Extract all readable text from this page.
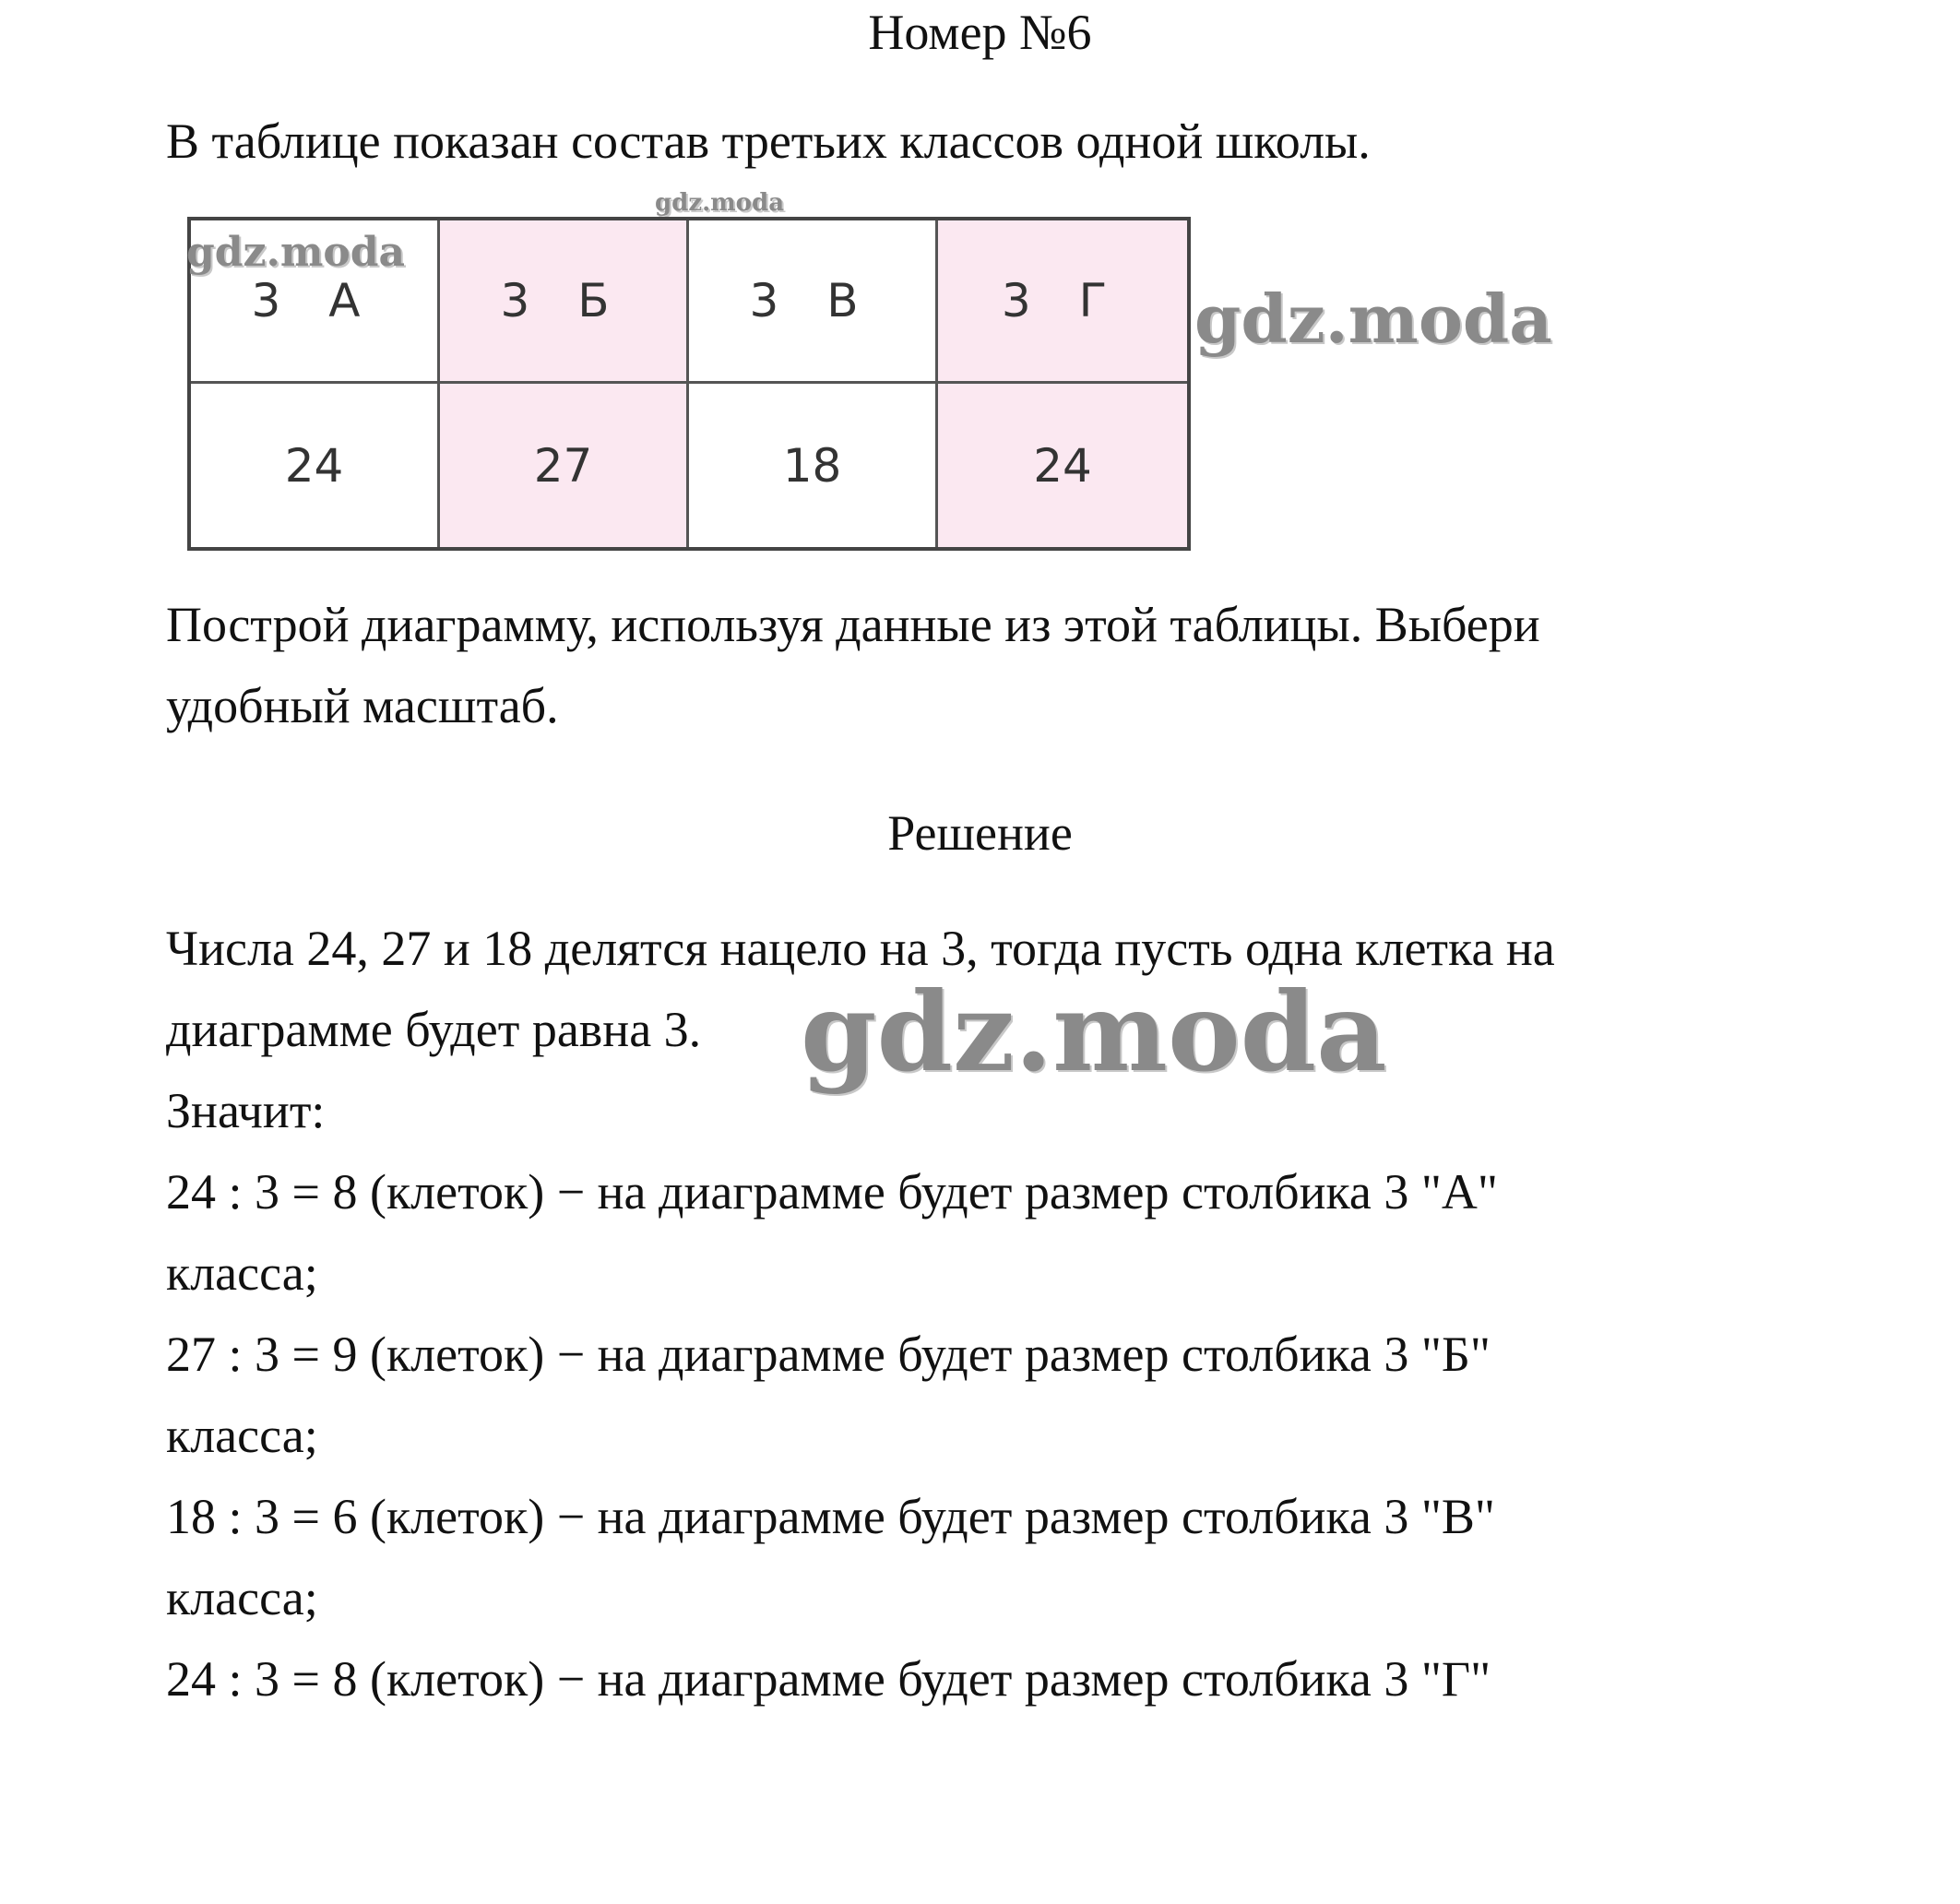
Номер №6
В таблице показан состав третьих классов одной школы.
gdz.moda
3 А	3 Б	3 В	3 Г
24	27	18	24
gdz.moda
gdz.moda
Построй диаграмму, используя данные из этой таблицы. Выбери
удобный масштаб.
Решение
Числа 24, 27 и 18 делятся нацело на 3, тогда пусть одна клетка на
диаграмме будет равна 3. gdz.moda
Значит:
24 : 3 = 8 (клеток) − на диаграмме будет размер столбика 3 "А"
класса;
27 : 3 = 9 (клеток) − на диаграмме будет размер столбика 3 "Б"
класса;
18 : 3 = 6 (клеток) − на диаграмме будет размер столбика 3 "В"
класса;
24 : 3 = 8 (клеток) − на диаграмме будет размер столбика 3 "Г"
